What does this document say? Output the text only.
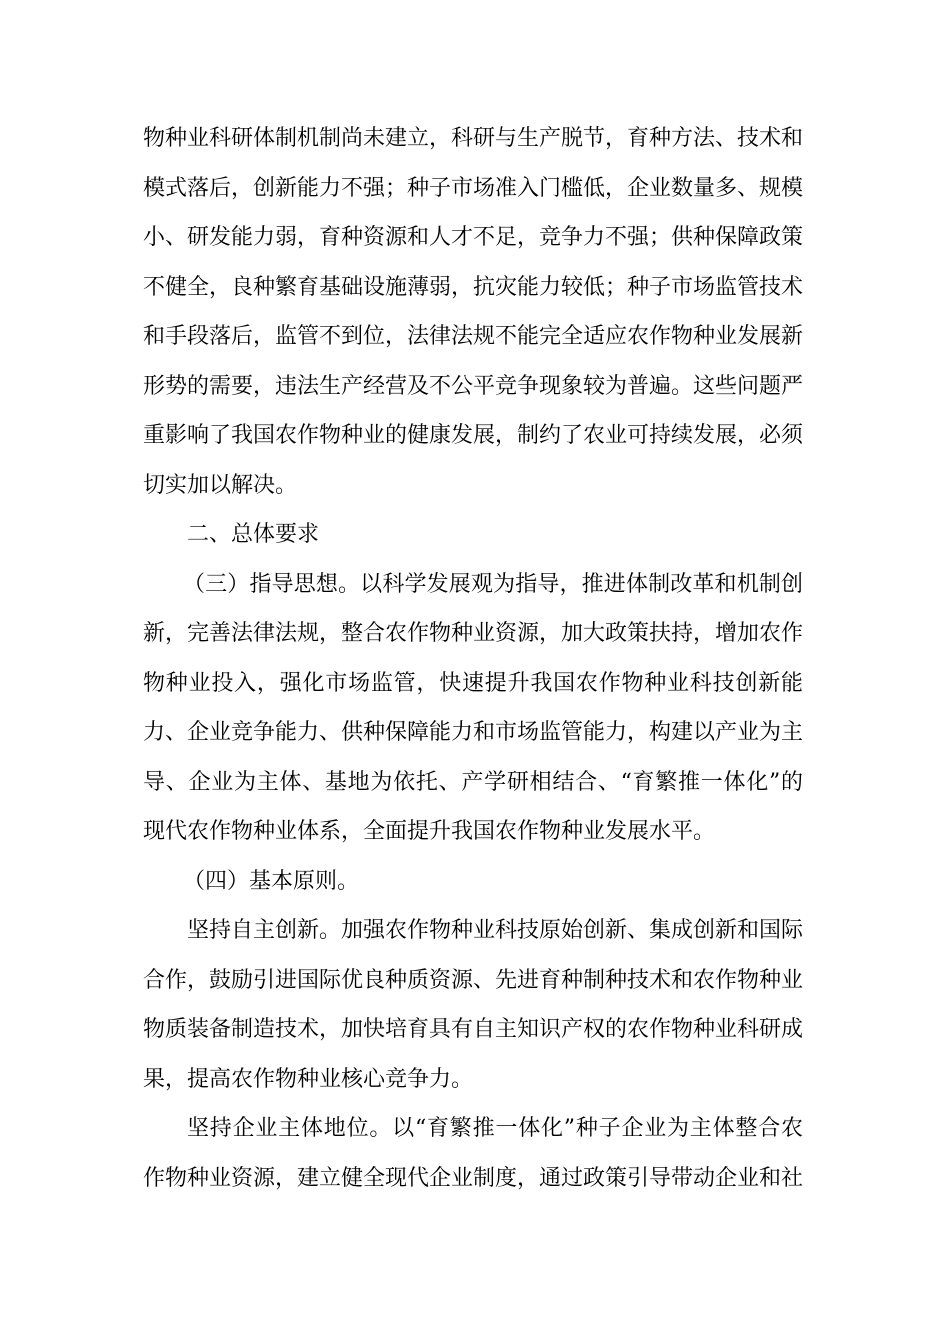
物种业科研体制机制尚未建立，科研与生产脱节，育种方法、技术和模式落后，创新能力不强；种子市场准入门槛低，企业数量多、规模小、研发能力弱，育种资源和人才不足，竞争力不强；供种保障政策不健全，良种繁育基础设施薄弱，抗灾能力较低；种子市场监管技术和手段落后，监管不到位，法律法规不能完全适应农作物种业发展新形势的需要，违法生产经营及不公平竞争现象较为普遍。这些问题严重影响了我国农作物种业的健康发展，制约了农业可持续发展，必须切实加以解决。

二、总体要求

（三）指导思想。以科学发展观为指导，推进体制改革和机制创新，完善法律法规，整合农作物种业资源，加大政策扶持，增加农作物种业投入，强化市场监管，快速提升我国农作物种业科技创新能力、企业竞争能力、供种保障能力和市场监管能力，构建以产业为主导、企业为主体、基地为依托、产学研相结合、“育繁推一体化”的现代农作物种业体系，全面提升我国农作物种业发展水平。

（四）基本原则。

坚持自主创新。加强农作物种业科技原始创新、集成创新和国际合作，鼓励引进国际优良种质资源、先进育种制种技术和农作物种业物质装备制造技术，加快培育具有自主知识产权的农作物种业科研成果，提高农作物种业核心竞争力。

坚持企业主体地位。以“育繁推一体化”种子企业为主体整合农作物种业资源，建立健全现代企业制度，通过政策引导带动企业和社
